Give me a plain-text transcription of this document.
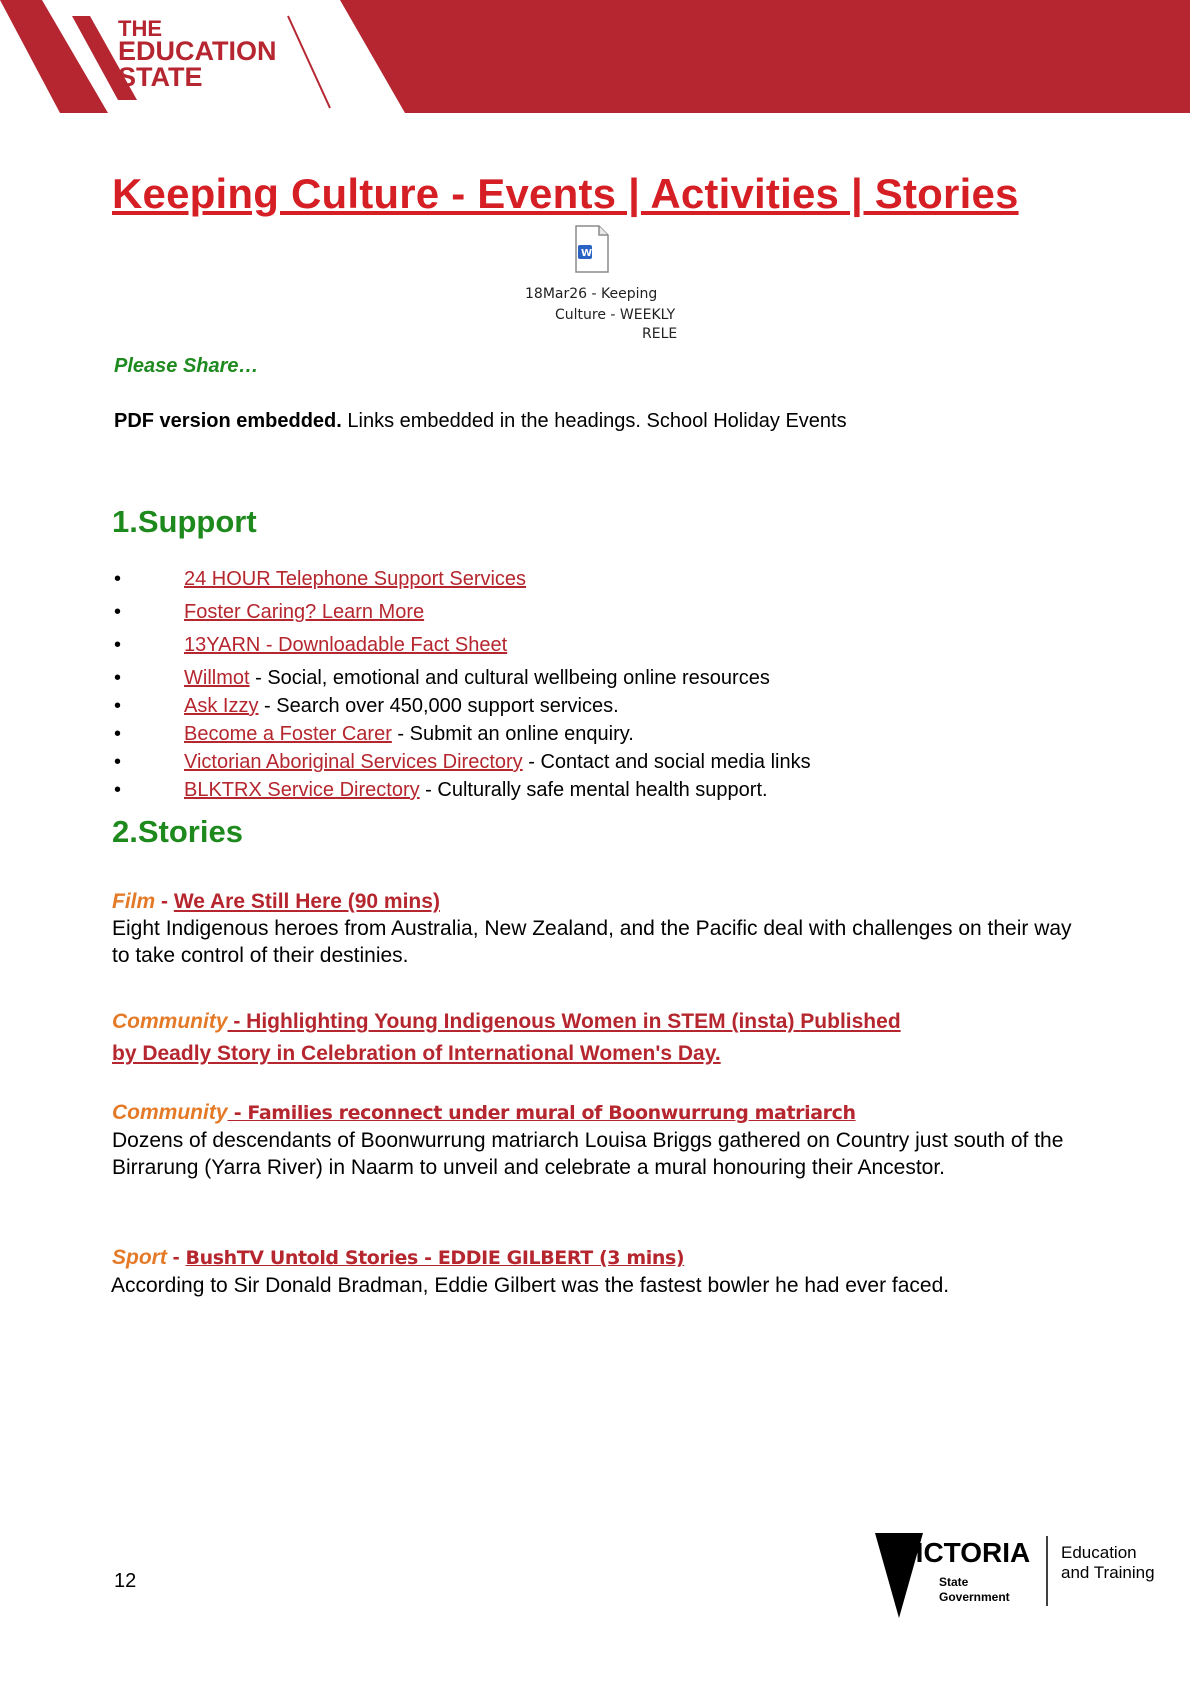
THE
EDUCATION
STATE
Keeping Culture - Events | Activities | Stories
W
18Mar26 - Keeping
Culture - WEEKLY
RELE
Please Share…
PDF version embedded. Links embedded in the headings. School Holiday Events
1.Support
•	24 HOUR Telephone Support Services
•	Foster Caring? Learn More
•	13YARN - Downloadable Fact Sheet
•	Willmot - Social, emotional and cultural wellbeing online resources
•	Ask Izzy - Search over 450,000 support services.
•	Become a Foster Carer - Submit an online enquiry.
•	Victorian Aboriginal Services Directory - Contact and social media links
•	BLKTRX Service Directory - Culturally safe mental health support.
2.Stories
Film - We Are Still Here (90 mins)
Eight Indigenous heroes from Australia, New Zealand, and the Pacific deal with challenges on their way to take control of their destinies.
Community - Highlighting Young Indigenous Women in STEM (insta) Published
by Deadly Story in Celebration of International Women's Day.
Community - Families reconnect under mural of Boonwurrung matriarch
Dozens of descendants of Boonwurrung matriarch Louisa Briggs gathered on Country just south of the Birrarung (Yarra River) in Naarm to unveil and celebrate a mural honouring their Ancestor.
Sport - BushTV Untold Stories - EDDIE GILBERT (3 mins)
According to Sir Donald Bradman, Eddie Gilbert was the fastest bowler he had ever faced.
12
VICTORIA
State
Government
Education
and Training
